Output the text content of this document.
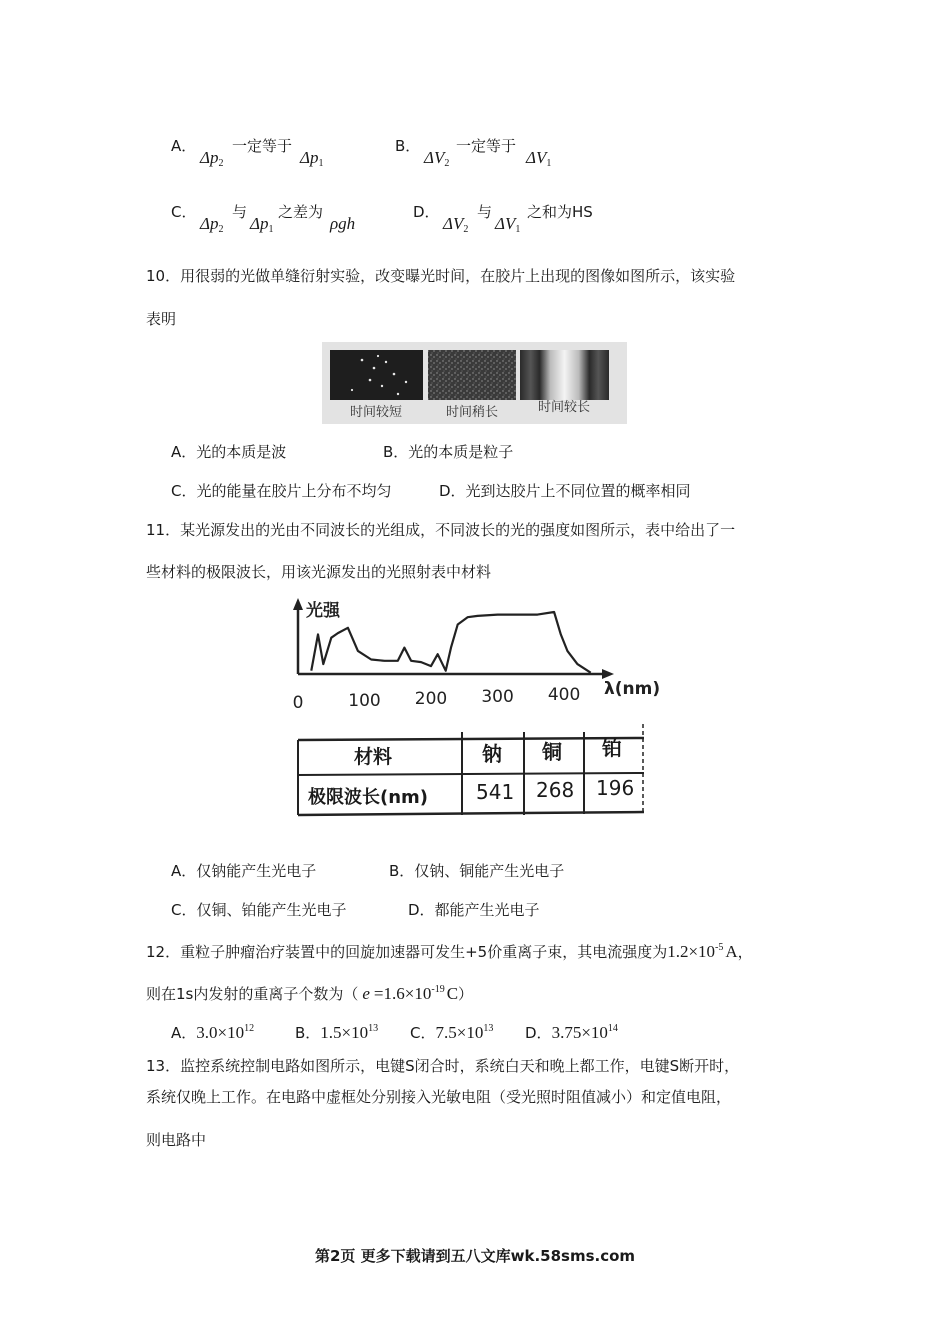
A．
$\Delta p_2$
一定等于
$\Delta p_1$
B．
$\Delta V_2$
一定等于
$\Delta V_1$
C．
$\Delta p_2$
与
$\Delta p_1$
之差为
ρgh
D．
$\Delta V_2$
与
$\Delta V_1$
之和为HS
10．用很弱的光做单缝衍射实验，改变曝光时间，在胶片上出现的图像如图所示，该实验
表明
时间较短	时间稍长	时间较长
A．光的本质是波	B．光的本质是粒子
C．光的能量在胶片上分布不均匀	D．光到达胶片上不同位置的概率相同
11．某光源发出的光由不同波长的光组成，不同波长的光的强度如图所示，表中给出了一
些材料的极限波长，用该光源发出的光照射表中材料
光强
λ(nm)
0	100 200 300 400
材料	钠 铜 铂
极限波长(nm) 541 268 196
A．仅钠能产生光电子	B．仅钠、铜能产生光电子
C．仅铜、铂能产生光电子	D．都能产生光电子
12．重粒子肿瘤治疗装置中的回旋加速器可发生+5价重离子束，其电流强度为$1.2\times 10^{-5}$ A，
则在1s内发射的重离子个数为（ $e =1.6\times 10^{-19}$ C）
A．$3.0\times 10^{12}$	B．$1.5\times 10^{13}$ C．$7.5\times 10^{13}$ D．$3.75\times 10^{14}$
13．监控系统控制电路如图所示，电键S闭合时，系统白天和晚上都工作，电键S断开时，
系统仅晚上工作。在电路中虚框处分别接入光敏电阻（受光照时阻值减小）和定值电阻，
则电路中
第2页 更多下载请到五八文库wk.58sms.com
